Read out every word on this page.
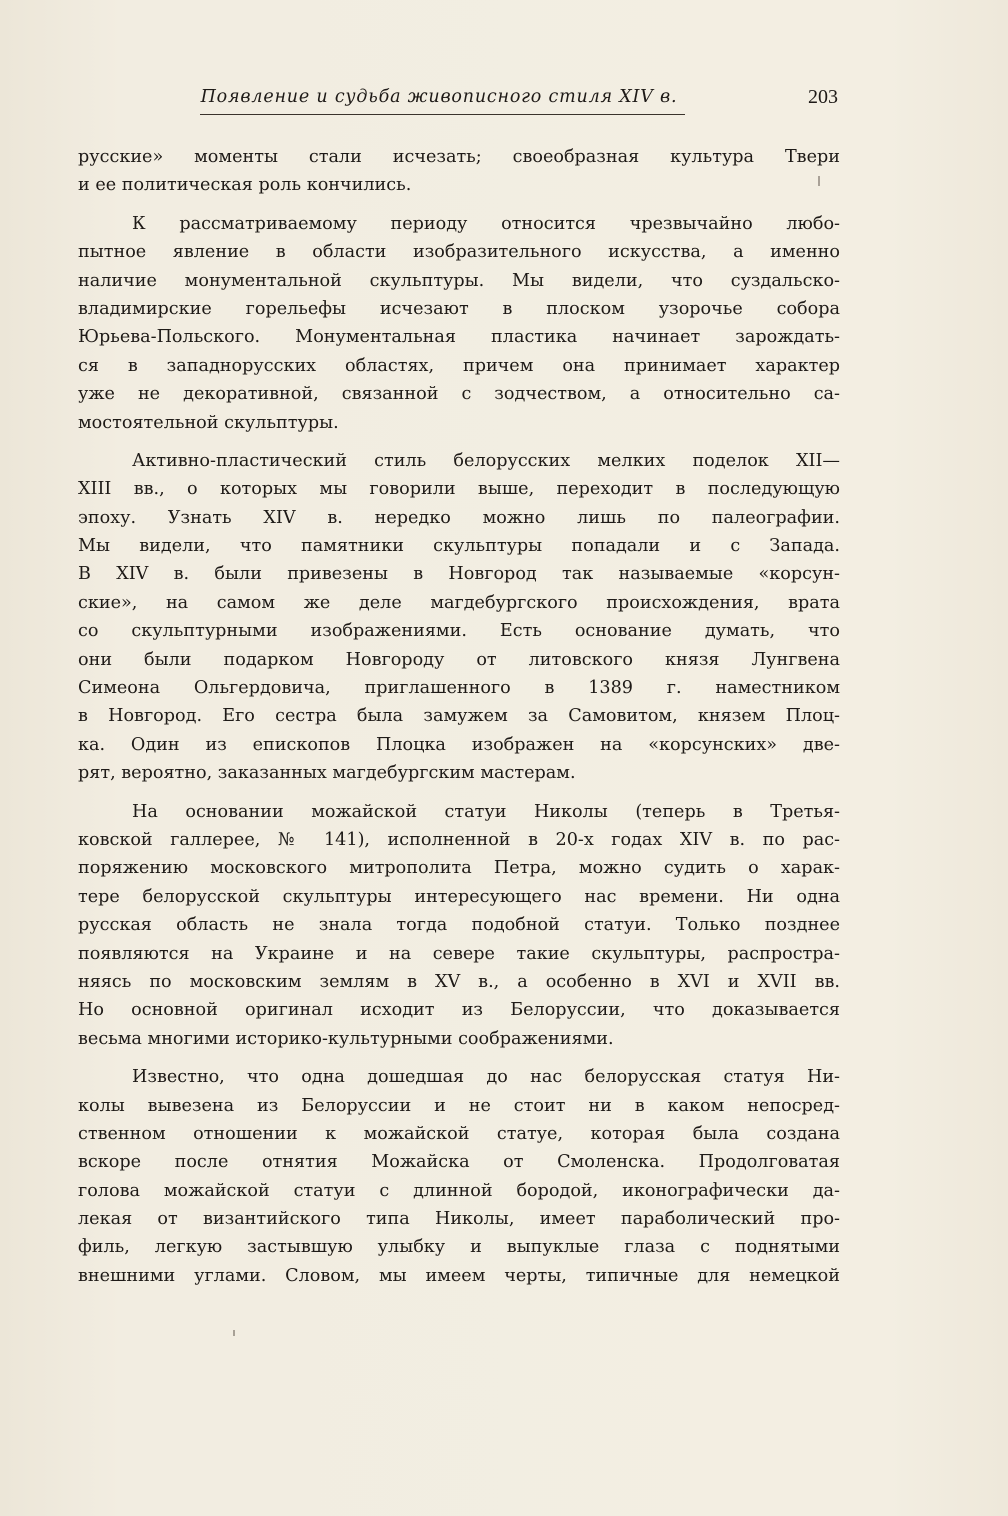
Появление и судьба живописного стиля XIV в.	203

русские» моменты стали исчезать; своеобразная культура Твери
и ее политическая роль кончились.

К рассматриваемому периоду относится чрезвычайно любо-
пытное явление в области изобразительного искусства, а именно
наличие монументальной скульптуры. Мы видели, что суздальско-
владимирские горельефы исчезают в плоском узорочье собора
Юрьева-Польского. Монументальная пластика начинает зарождать-
ся в западнорусских областях, причем она принимает характер
уже не декоративной, связанной с зодчеством, а относительно са-
мостоятельной скульптуры.

Активно-пластический стиль белорусских мелких поделок XII—
XIII вв., о которых мы говорили выше, переходит в последующую
эпоху. Узнать XIV в. нередко можно лишь по палеографии.
Мы видели, что памятники скульптуры попадали и с Запада.
В XIV в. были привезены в Новгород так называемые «корсун-
ские», на самом же деле магдебургского происхождения, врата
со скульптурными изображениями. Есть основание думать, что
они были подарком Новгороду от литовского князя Лунгвена
Симеона Ольгердовича, приглашенного в 1389 г. наместником
в Новгород. Его сестра была замужем за Самовитом, князем Плоц-
ка. Один из епископов Плоцка изображен на «корсунских» две-
рят, вероятно, заказанных магдебургским мастерам.

На основании можайской статуи Николы (теперь в Третья-
ковской галлерее, № 141), исполненной в 20-х годах XIV в. по рас-
поряжению московского митрополита Петра, можно судить о харак-
тере белорусской скульптуры интересующего нас времени. Ни одна
русская область не знала тогда подобной статуи. Только позднее
появляются на Украине и на севере такие скульптуры, распростра-
няясь по московским землям в XV в., а особенно в XVI и XVII вв.
Но основной оригинал исходит из Белоруссии, что доказывается
весьма многими историко-культурными соображениями.

Известно, что одна дошедшая до нас белорусская статуя Ни-
колы вывезена из Белоруссии и не стоит ни в каком непосред-
ственном отношении к можайской статуе, которая была создана
вскоре после отнятия Можайска от Смоленска. Продолговатая
голова можайской статуи с длинной бородой, иконографически да-
лекая от византийского типа Николы, имеет параболический про-
филь, легкую застывшую улыбку и выпуклые глаза с поднятыми
внешними углами. Словом, мы имеем черты, типичные для немецкой
